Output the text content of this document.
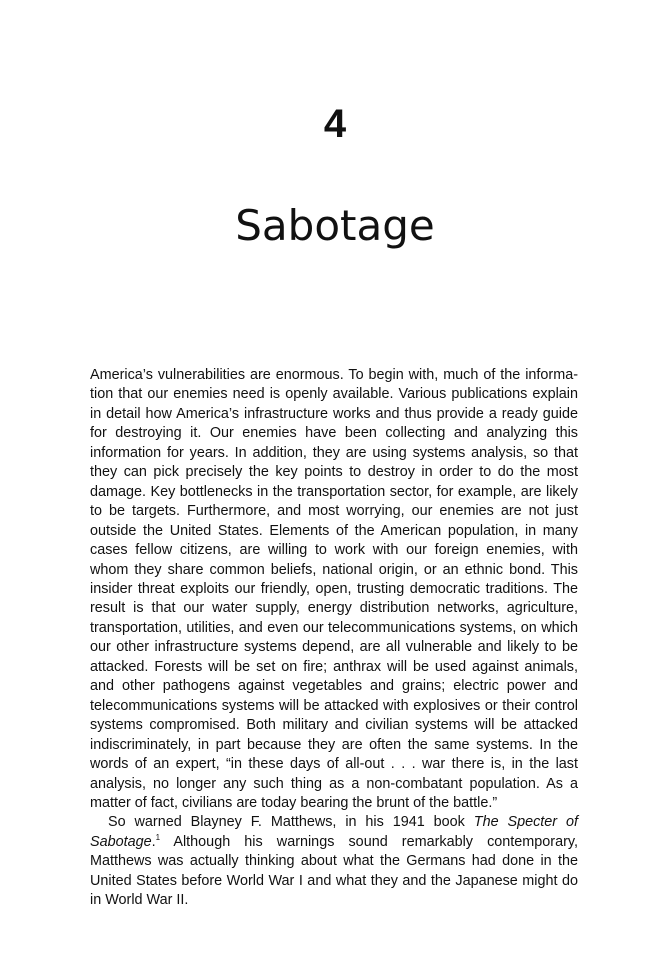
4
Sabotage

America’s vulnerabilities are enormous. To begin with, much of the information that our enemies need is openly available. Various publications explain in detail how America’s infrastructure works and thus provide a ready guide for destroying it. Our enemies have been collecting and analyzing this information for years. In addition, they are using systems analysis, so that they can pick precisely the key points to destroy in order to do the most damage. Key bottlenecks in the transportation sector, for example, are likely to be targets. Furthermore, and most worrying, our enemies are not just outside the United States. Elements of the American population, in many cases fellow citizens, are willing to work with our foreign enemies, with whom they share common beliefs, national origin, or an ethnic bond. This insider threat exploits our friendly, open, trusting democratic traditions. The result is that our water supply, energy distribution networks, agriculture, transportation, utilities, and even our telecommunications systems, on which our other infrastructure systems depend, are all vulnerable and likely to be attacked. Forests will be set on fire; anthrax will be used against animals, and other pathogens against vegetables and grains; electric power and telecommunications systems will be attacked with explosives or their control systems compromised. Both military and civilian systems will be attacked indiscriminately, in part because they are often the same systems. In the words of an expert, “in these days of all-out . . . war there is, in the last analysis, no longer any such thing as a non-combatant population. As a matter of fact, civilians are today bearing the brunt of the battle.”

So warned Blayney F. Matthews, in his 1941 book The Specter of Sabotage.$^1$ Although his warnings sound remarkably contemporary, Matthews was actually thinking about what the Germans had done in the United States before World War I and what they and the Japanese might do in World War II.
